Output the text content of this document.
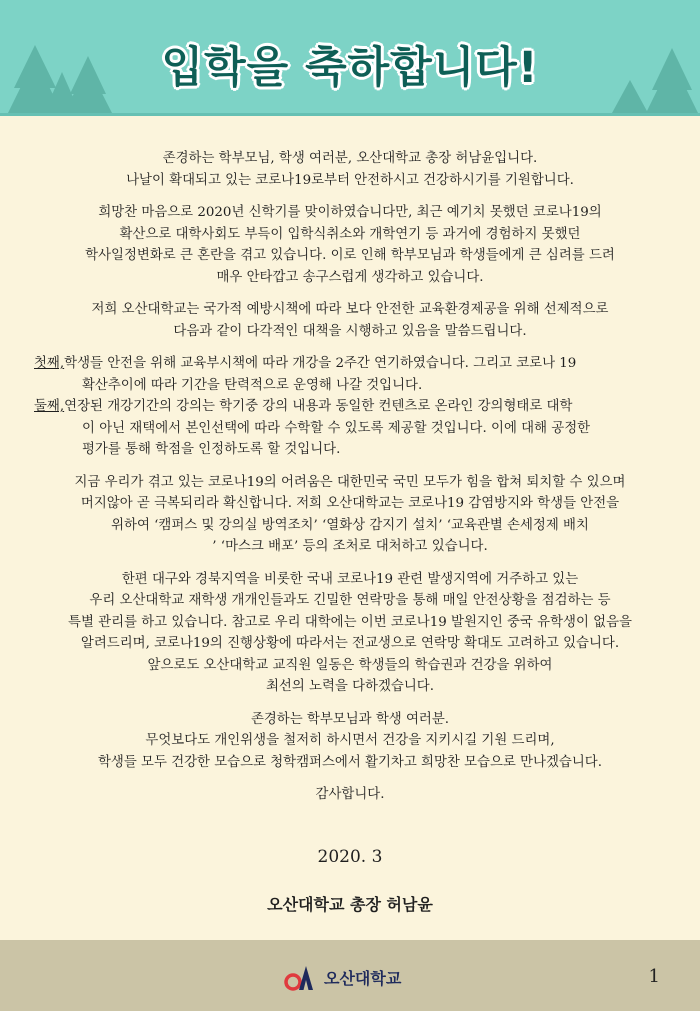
입학을 축하합니다!
존경하는 학부모님, 학생 여러분, 오산대학교 총장 허남윤입니다.
나날이 확대되고 있는 코로나19로부터 안전하시고 건강하시기를 기원합니다.
희망찬 마음으로 2020년 신학기를 맞이하였습니다만, 최근 예기치 못했던 코로나19의
확산으로 대학사회도 부득이 입학식취소와 개학연기 등 과거에 경험하지 못했던
학사일정변화로 큰 혼란을 겪고 있습니다. 이로 인해 학부모님과 학생들에게 큰 심려를 드려
매우 안타깝고 송구스럽게 생각하고 있습니다.
저희 오산대학교는 국가적 예방시책에 따라 보다 안전한 교육환경제공을 위해 선제적으로
다음과 같이 다각적인 대책을 시행하고 있음을 말씀드립니다.
첫째,학생들 안전을 위해 교육부시책에 따라 개강을 2주간 연기하였습니다. 그리고 코로나 19
확산추이에 따라 기간을 탄력적으로 운영해 나갈 것입니다.
둘째,연장된 개강기간의 강의는 학기중 강의 내용과 동일한 컨텐츠로 온라인 강의형태로 대학
이 아닌 재택에서 본인선택에 따라 수학할 수 있도록 제공할 것입니다. 이에 대해 공정한
평가를 통해 학점을 인정하도록 할 것입니다.
지금 우리가 겪고 있는 코로나19의 어려움은 대한민국 국민 모두가 힘을 합쳐 퇴치할 수 있으며
머지않아 곧 극복되리라 확신합니다. 저희 오산대학교는 코로나19 감염방지와 학생들 안전을
위하여 ‘캠퍼스 및 강의실 방역조치’ ‘열화상 감지기 설치’ ‘교육관별 손세정제 배치
’ ‘마스크 배포’ 등의 조처로 대처하고 있습니다.
한편 대구와 경북지역을 비롯한 국내 코로나19 관련 발생지역에 거주하고 있는
우리 오산대학교 재학생 개개인들과도 긴밀한 연락망을 통해 매일 안전상황을 점검하는 등
특별 관리를 하고 있습니다. 참고로 우리 대학에는 이번 코로나19 발원지인 중국 유학생이 없음을
알려드리며, 코로나19의 진행상황에 따라서는 전교생으로 연락망 확대도 고려하고 있습니다.
앞으로도 오산대학교 교직원 일동은 학생들의 학습권과 건강을 위하여
최선의 노력을 다하겠습니다.
존경하는 학부모님과 학생 여러분.
무엇보다도 개인위생을 철저히 하시면서 건강을 지키시길 기원 드리며,
학생들 모두 건강한 모습으로 청학캠퍼스에서 활기차고 희망찬 모습으로 만나겠습니다.
감사합니다.
2020. 3
오산대학교 총장 허남윤
오산대학교	1
